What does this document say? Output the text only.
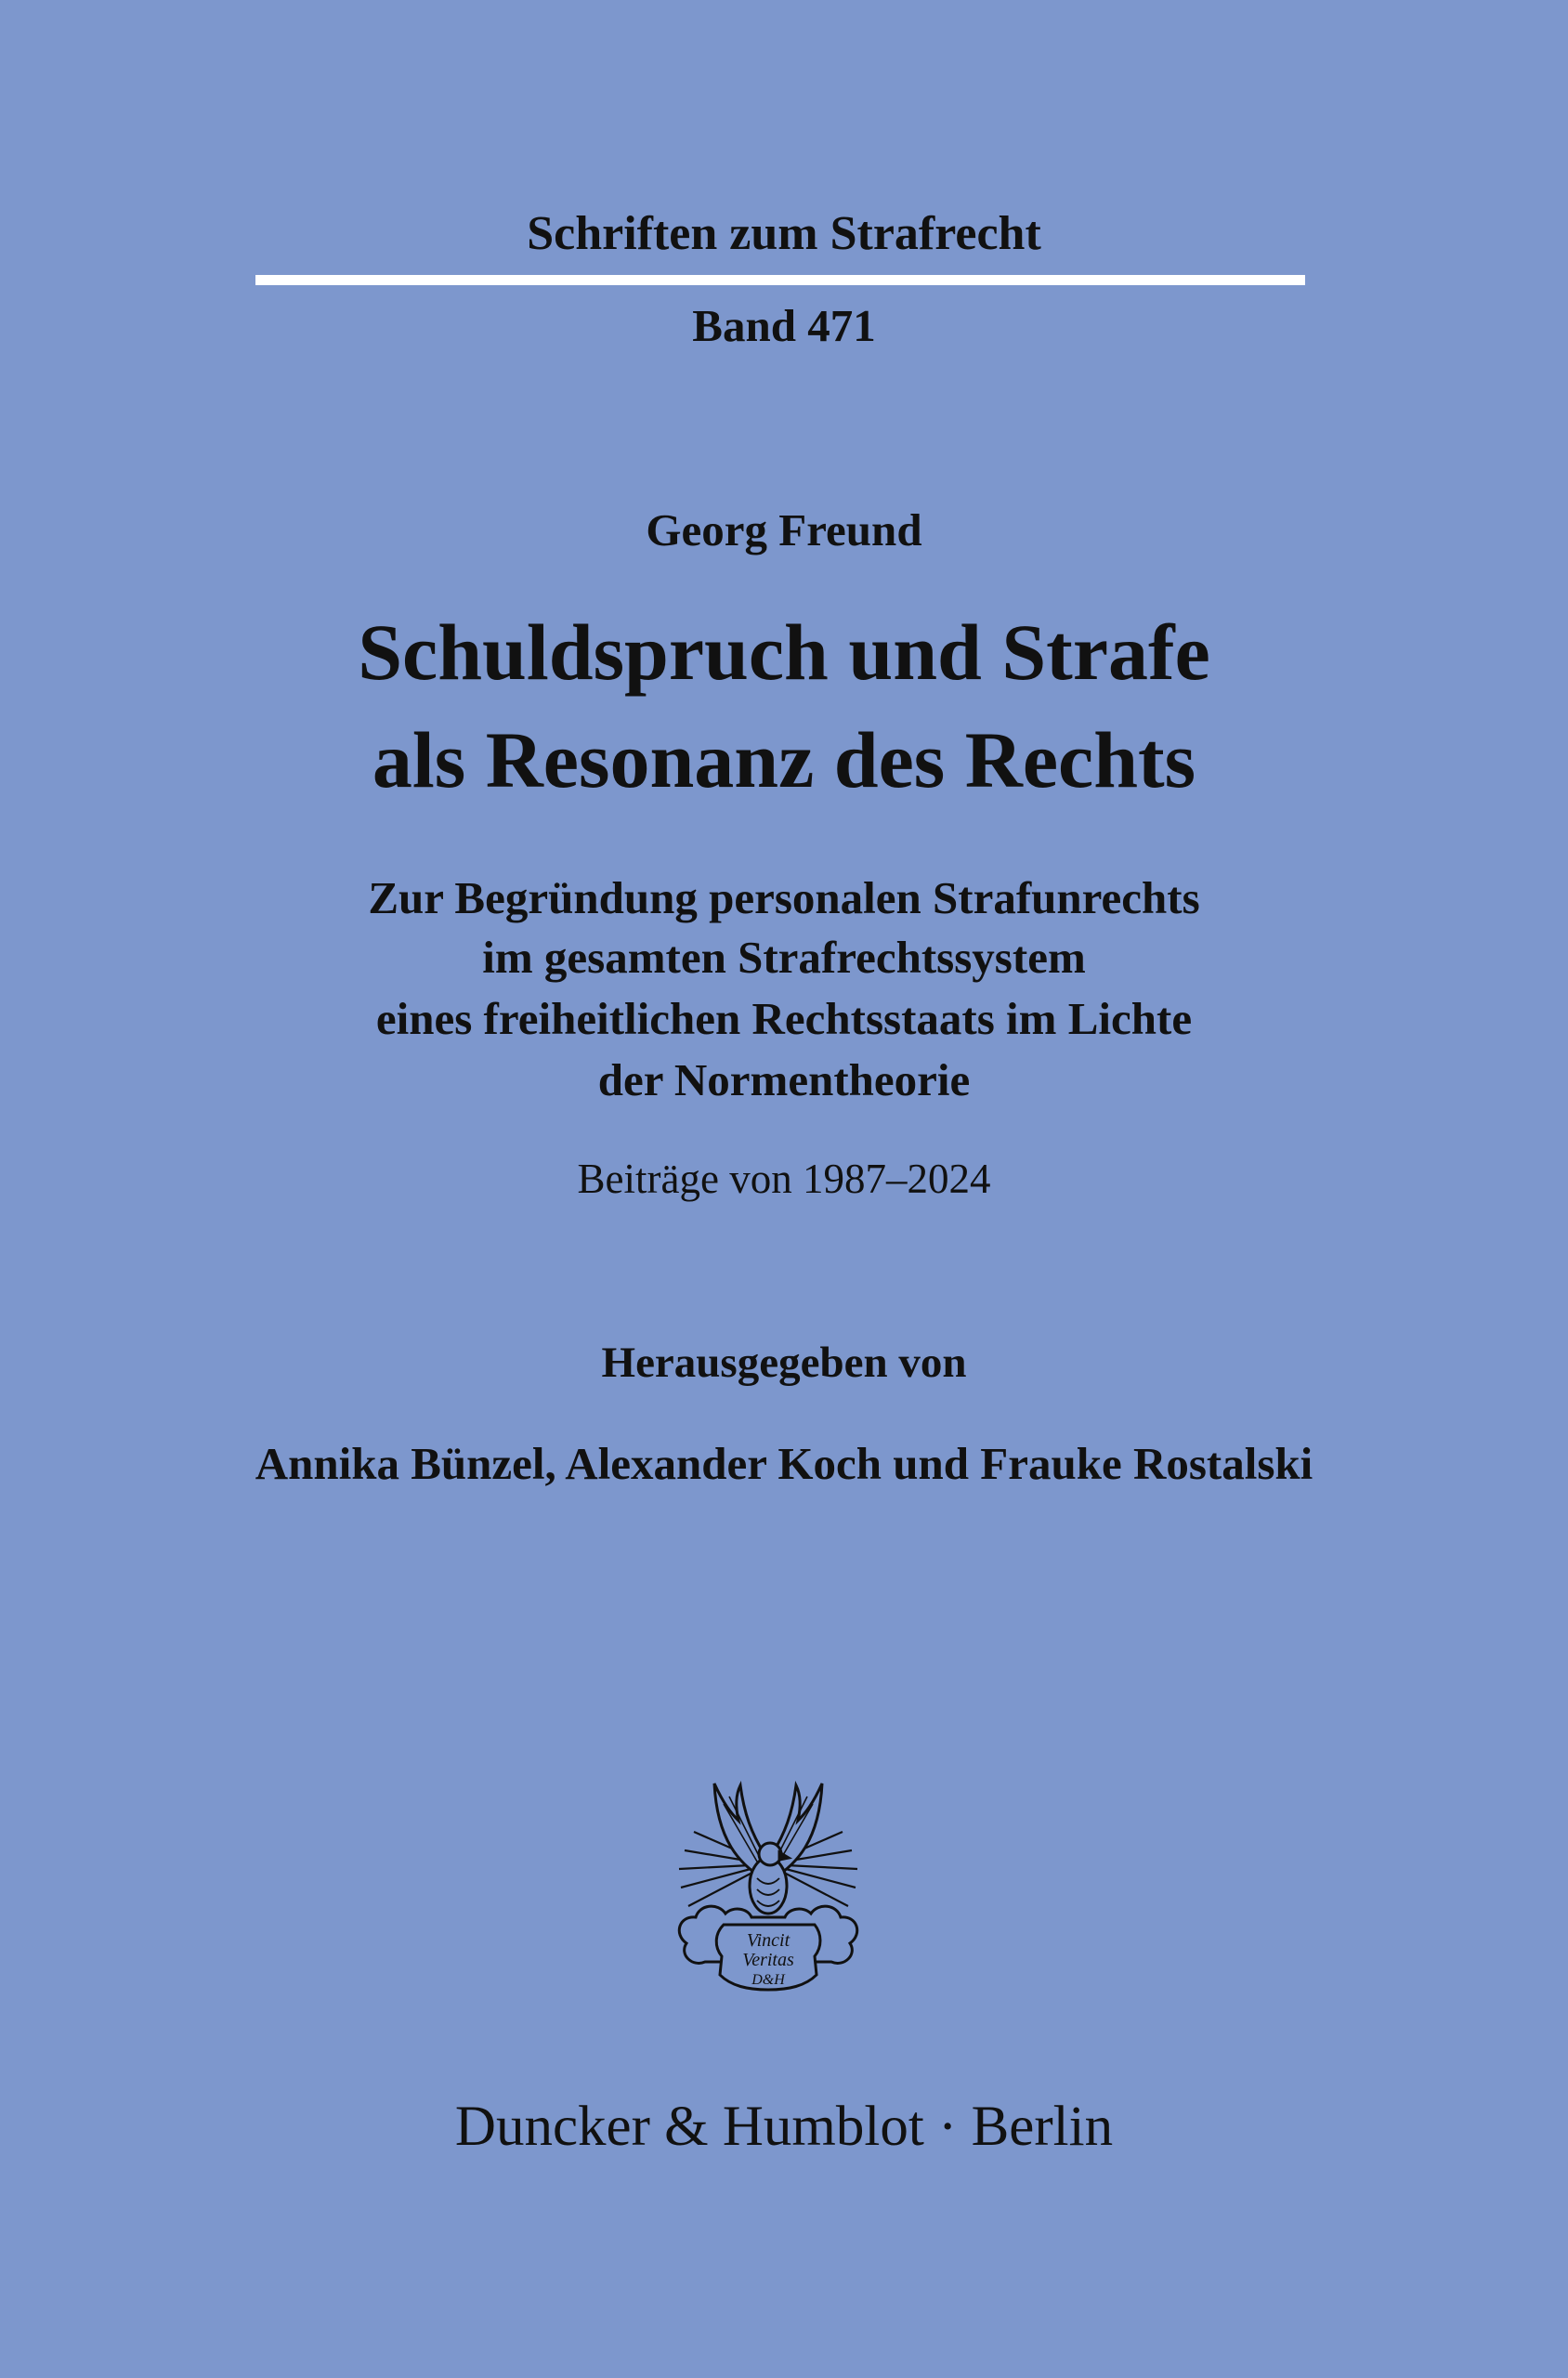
Schriften zum Strafrecht
Band 471
Georg Freund
Schuldspruch und Strafe
als Resonanz des Rechts
Zur Begründung personalen Strafunrechts
im gesamten Strafrechtssystem
eines freiheitlichen Rechtsstaats im Lichte
der Normentheorie
Beiträge von 1987–2024
Herausgegeben von
Annika Bünzel, Alexander Koch und Frauke Rostalski
Vincit
Veritas
D&H
Duncker & Humblot · Berlin
